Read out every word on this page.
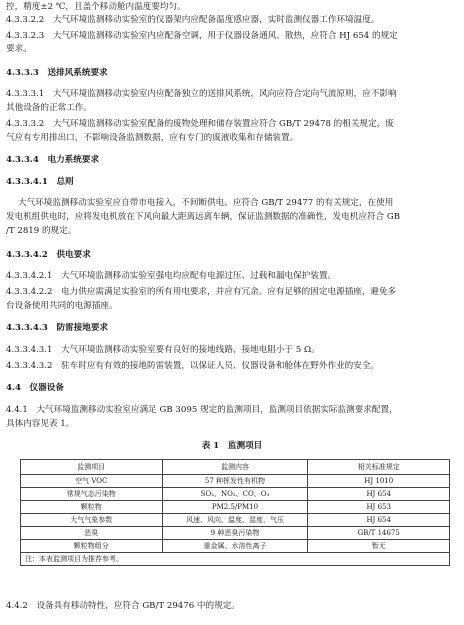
控，精度±2 ℃，且盖个移动舱内温度要均匀。
4.3.3.2.2　大气环境监测移动实验室的仪器架内应配备温度感应器，实时监测仪器工作环境温度。
4.3.3.2.3　大气环境监测移动实验室内应配备空调，用于仪器设备通风、散热，应符合 HJ 654 的规定
要求。
4.3.3.3　送排风系统要求
4.3.3.3.1　大气环境监测移动实验室内应配备独立的送排风系统，风向应符合定向气流原则，应不影响
其他设备的正常工作。
4.3.3.3.2　大气环境监测移动实验室配备的废物处理和储存装置应符合 GB/T 29478 的相关规定，废
气应有专用排出口，不影响设备监测数据，应有专门的废液收集和存储装置。
4.3.3.4　电力系统要求
4.3.3.4.1　总则
大气环境监测移动实验室应自带市电接入，不间断供电。应符合 GB/T 29477 的有关规定，在使用
发电机组供电时，应将发电机放在下风向最大距离远离车辆，保证监测数据的准确性，发电机应符合 GB
/T 2819 的规定。
4.3.3.4.2　供电要求
4.3.3.4.2.1　大气环境监测移动实验室强电均应配有电源过压、过载和漏电保护装置。
4.3.3.4.2.2　电力供应需满足实验室的所有用电要求，并应有冗余。应有足够的固定电源插座，避免多
台设备使用共同的电源插座。
4.3.3.4.3　防雷接地要求
4.3.3.4.3.1　大气环境监测移动实验室要有良好的接地线路，接地电阻小于 5 Ω。
4.3.3.4.3.2　驻车时应有有效的接地防雷装置，以保证人员、仪器设备和舱体在野外作业的安全。
4.4　仪器设备
4.4.1　大气环境监测移动实验室应满足 GB 3095 规定的监测项目，监测项目依据实际监测要求配置，
具体内容见表 1。
表 1　监测项目
监测项目	监测内容	相关标准规定
空气 VOC	57 种挥发性有机物	HJ 1010
常规气态污染物	SO₂、NO₂、CO、O₃	HJ 654
颗粒物	PM2.5/PM10	HJ 653
大气气象参数	风速、风向、温度、湿度、气压	HJ 654
恶臭	9 种恶臭污染物	GB/T 14675
颗粒物组分	重金属、水溶性离子	暂无
注：本表监测项目为推荐参考。		
4.4.2　设备具有移动特性，应符合 GB/T 29476 中的规定。
